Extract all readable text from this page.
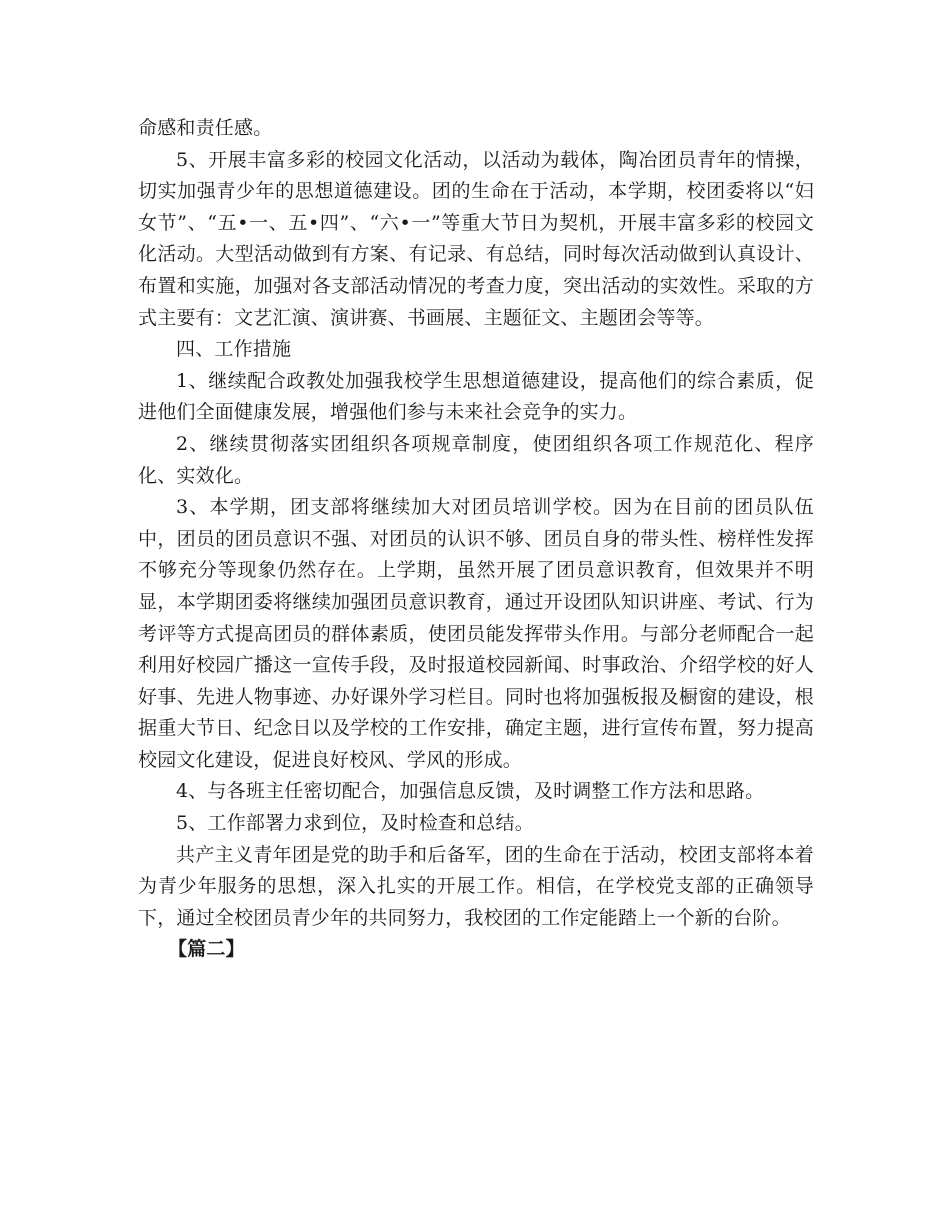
命感和责任感。

5、开展丰富多彩的校园文化活动，以活动为载体，陶冶团员青年的情操，切实加强青少年的思想道德建设。团的生命在于活动，本学期，校团委将以“妇女节”、“五•一、五•四”、“六•一”等重大节日为契机，开展丰富多彩的校园文化活动。大型活动做到有方案、有记录、有总结，同时每次活动做到认真设计、布置和实施，加强对各支部活动情况的考查力度，突出活动的实效性。采取的方式主要有：文艺汇演、演讲赛、书画展、主题征文、主题团会等等。

四、工作措施

1、继续配合政教处加强我校学生思想道德建设，提高他们的综合素质，促进他们全面健康发展，增强他们参与未来社会竞争的实力。

2、继续贯彻落实团组织各项规章制度，使团组织各项工作规范化、程序化、实效化。

3、本学期，团支部将继续加大对团员培训学校。因为在目前的团员队伍中，团员的团员意识不强、对团员的认识不够、团员自身的带头性、榜样性发挥不够充分等现象仍然存在。上学期，虽然开展了团员意识教育，但效果并不明显，本学期团委将继续加强团员意识教育，通过开设团队知识讲座、考试、行为考评等方式提高团员的群体素质，使团员能发挥带头作用。与部分老师配合一起利用好校园广播这一宣传手段，及时报道校园新闻、时事政治、介绍学校的好人好事、先进人物事迹、办好课外学习栏目。同时也将加强板报及橱窗的建设，根据重大节日、纪念日以及学校的工作安排，确定主题，进行宣传布置，努力提高校园文化建设，促进良好校风、学风的形成。

4、与各班主任密切配合，加强信息反馈，及时调整工作方法和思路。

5、工作部署力求到位，及时检查和总结。

共产主义青年团是党的助手和后备军，团的生命在于活动，校团支部将本着为青少年服务的思想，深入扎实的开展工作。相信，在学校党支部的正确领导下，通过全校团员青少年的共同努力，我校团的工作定能踏上一个新的台阶。

【篇二】
